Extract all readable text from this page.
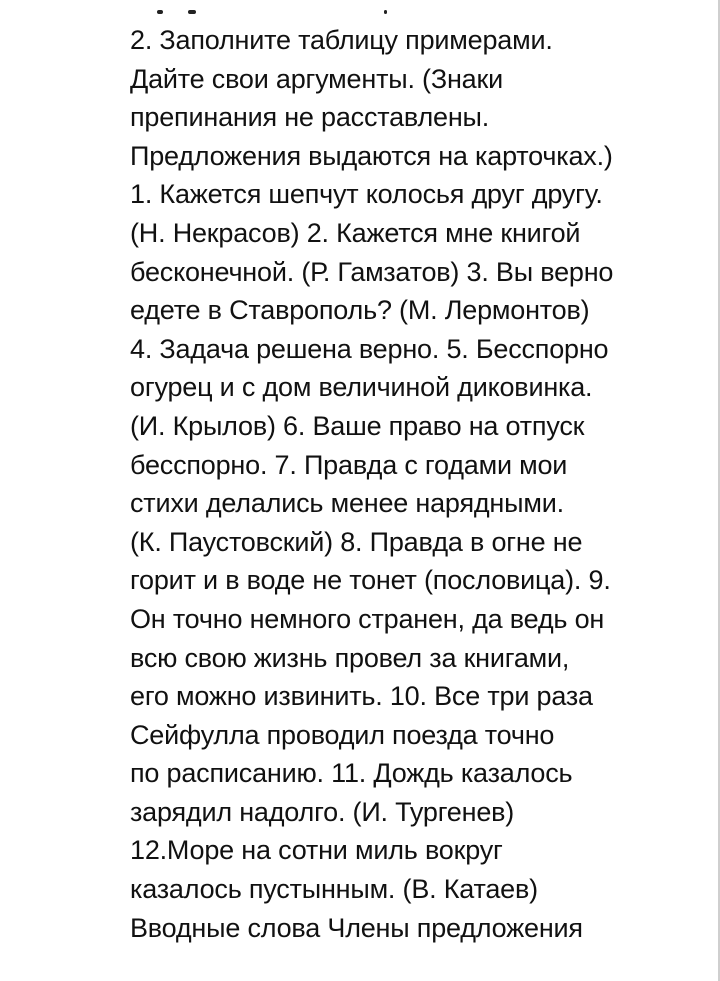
2. Заполните таблицу примерами.
Дайте свои аргументы. (Знаки
препинания не расставлены.
Предложения выдаются на карточках.)
1. Кажется шепчут колосья друг другу.
(Н. Некрасов) 2. Кажется мне книгой
бесконечной. (Р. Гамзатов) 3. Вы верно
едете в Ставрополь? (М. Лермонтов)
4. Задача решена верно. 5. Бесспорно
огурец и с дом величиной диковинка.
(И. Крылов) 6. Ваше право на отпуск
бесспорно. 7. Правда с годами мои
стихи делались менее нарядными.
(К. Паустовский) 8. Правда в огне не
горит и в воде не тонет (пословица). 9.
Он точно немного странен, да ведь он
всю свою жизнь провел за книгами,
его можно извинить. 10. Все три раза
Сейфулла проводил поезда точно
по расписанию. 11. Дождь казалось
зарядил надолго. (И. Тургенев)
12.Море на сотни миль вокруг
казалось пустынным. (В. Катаев)
Вводные слова Члены предложения
